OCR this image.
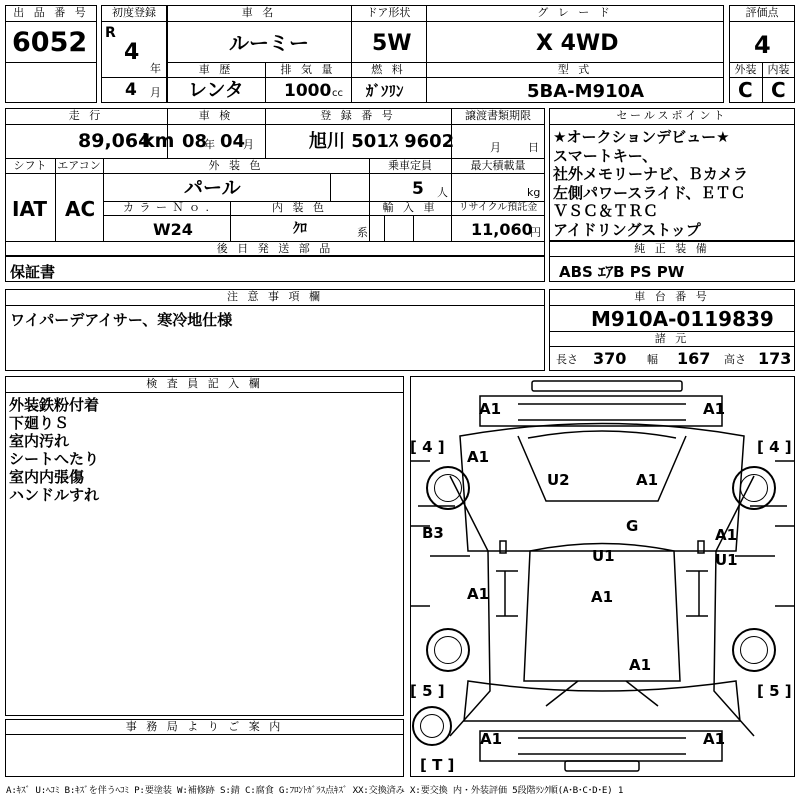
出 品 番 号
6052
初度登録
R
4
年
4 月
車 名
ルーミー
ドア形状
5W
グ レ ー ド
X 4WD
車 歴
レンタ
排 気 量
1000 cc
燃 料
ｶﾞｿﾘﾝ
型 式
5BA-M910A
評価点
4
外装	内装
C C
走 行
89,064
km
車 検
08
年 04
月
登 録 番 号
旭川 501ｽ 9602
譲渡書類期限
月 日
シフト
IAT
エアコン
AC
外 装 色
パール
乗車定員
5 人
最大積載量
kg
カ ラ ー Ｎ ｏ .
W24
内 装 色
ｸﾛ	系
輸 入 車	リサイクル預託金
11,060
円
後 日 発 送 部 品
保証書
セールスポイント
★オークションデビュー★
スマートキー、
社外メモリーナビ、Ｂカメラ
左側パワースライド、ＥＴＣ
ＶＳＣ＆ＴＲＣ
アイドリングストップ
純 正 装 備
ABS ｴｱB PS PW
注 意 事 項 欄
ワイパーデアイサー、寒冷地仕様
車 台 番 号
M910A-0119839
諸 元
長さ 370 幅 167 高さ 173
検 査 員 記 入 欄
外装鉄粉付着
下廻りＳ
室内汚れ
シートへたり
室内内張傷
ハンドルすれ
事 務 局 よ り ご 案 内
[ 4 ]	[ 4 ]
[ 5 ]	[ 5 ]
[ T ]
A1	A1
A1
U2	A1
B3	G	A1
U1	U1
A1	A1
A1
A1	A1
A:ｷｽﾞ U:ﾍｺﾐ B:ｷｽﾞを伴うﾍｺﾐ P:要塗装 W:補修跡 S:錆 C:腐食 G:ﾌﾛﾝﾄｶﾞﾗｽ点ｷｽﾞ XX:交換済み X:要交換 内・外装評価 5段階ﾗﾝｸ順(A･B･C･D･E) 1
